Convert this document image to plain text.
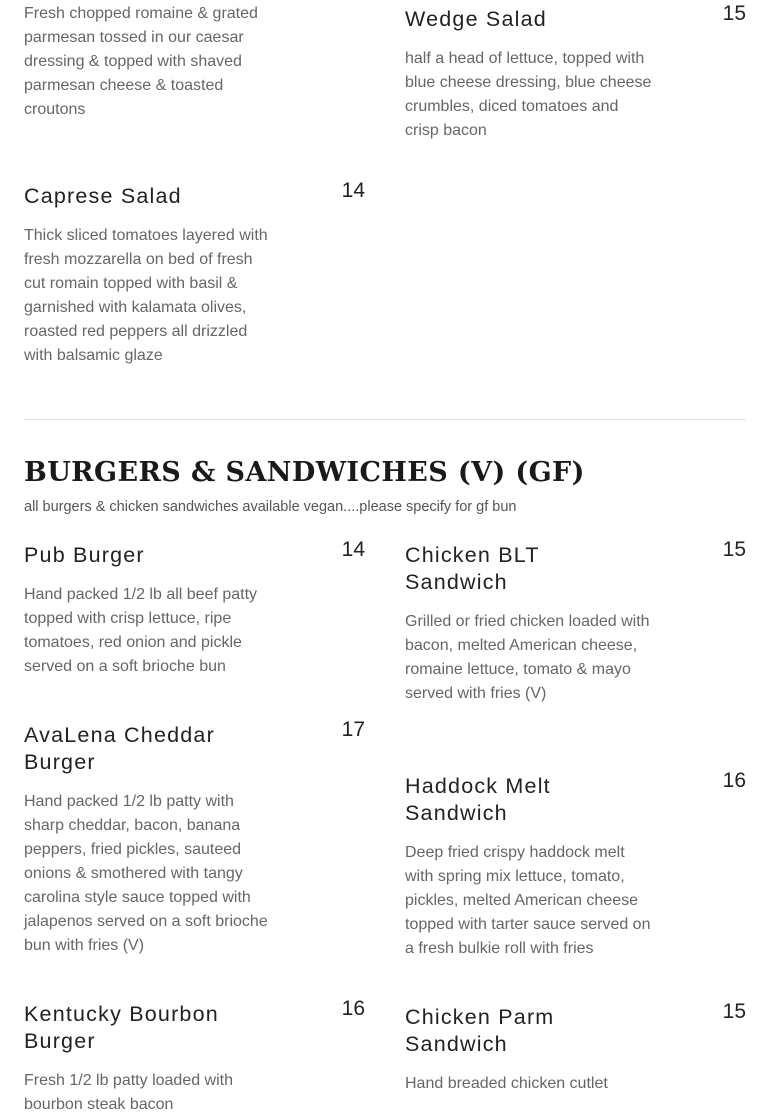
Fresh chopped romaine & grated parmesan tossed in our caesar dressing & topped with shaved parmesan cheese & toasted croutons
Wedge Salad	15
half a head of lettuce, topped with blue cheese dressing, blue cheese crumbles, diced tomatoes and crisp bacon
Caprese Salad	14
Thick sliced tomatoes layered with fresh mozzarella on bed of fresh cut romain topped with basil & garnished with kalamata olives, roasted red peppers all drizzled with balsamic glaze
BURGERS & SANDWICHES (V) (GF)
all burgers & chicken sandwiches available vegan....please specify for gf bun
Pub Burger	14
Hand packed 1/2 lb all beef patty topped with crisp lettuce, ripe tomatoes, red onion and pickle served on a soft brioche bun
Chicken BLT Sandwich
15
Grilled or fried chicken loaded with bacon, melted American cheese, romaine lettuce, tomato & mayo served with fries (V)
AvaLena Cheddar Burger
17
Hand packed 1/2 lb patty with sharp cheddar, bacon, banana peppers, fried pickles, sauteed onions & smothered with tangy carolina style sauce topped with jalapenos served on a soft brioche bun with fries (V)
Haddock Melt Sandwich
16
Deep fried crispy haddock melt with spring mix lettuce, tomato, pickles, melted American cheese topped with tarter sauce served on a fresh bulkie roll with fries
Kentucky Bourbon Burger
16
Fresh 1/2 lb patty loaded with bourbon steak bacon
Chicken Parm Sandwich
15
Hand breaded chicken cutlet
